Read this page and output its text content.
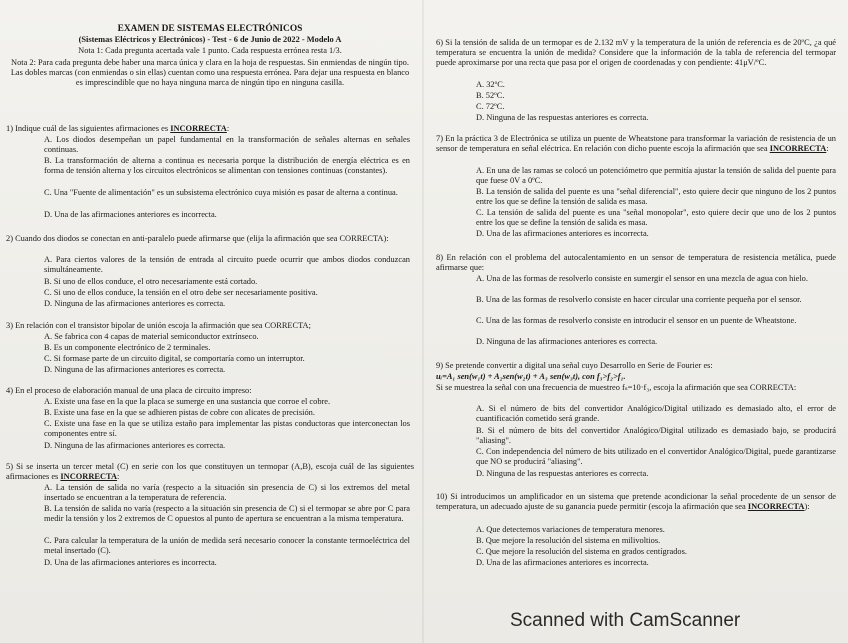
EXAMEN DE SISTEMAS ELECTRÓNICOS
(Sistemas Eléctricos y Electrónicos) - Test - 6 de Junio de 2022 - Modelo A
Nota 1: Cada pregunta acertada vale 1 punto. Cada respuesta errónea resta 1/3.
Nota 2: Para cada pregunta debe haber una marca única y clara en la hoja de respuestas. Sin enmiendas de ningún tipo. Las dobles marcas (con enmiendas o sin ellas) cuentan como una respuesta errónea. Para dejar una respuesta en blanco es imprescindible que no haya ninguna marca de ningún tipo en ninguna casilla.
1) Indique cuál de las siguientes afirmaciones es INCORRECTA:
A. Los diodos desempeñan un papel fundamental en la transformación de señales alternas en señales continuas.
B. La transformación de alterna a continua es necesaria porque la distribución de energía eléctrica es en forma de tensión alterna y los circuitos electrónicos se alimentan con tensiones continuas (constantes).
C. Una "Fuente de alimentación" es un subsistema electrónico cuya misión es pasar de alterna a continua.
D. Una de las afirmaciones anteriores es incorrecta.
2) Cuando dos diodos se conectan en anti-paralelo puede afirmarse que (elija la afirmación que sea CORRECTA):
A. Para ciertos valores de la tensión de entrada al circuito puede ocurrir que ambos diodos conduzcan simultáneamente.
B. Si uno de ellos conduce, el otro necesariamente está cortado.
C. Si uno de ellos conduce, la tensión en el otro debe ser necesariamente positiva.
D. Ninguna de las afirmaciones anteriores es correcta.
3) En relación con el transistor bipolar de unión escoja la afirmación que sea CORRECTA;
A. Se fabrica con 4 capas de material semiconductor extrínseco.
B. Es un componente electrónico de 2 terminales.
C. Si formase parte de un circuito digital, se comportaría como un interruptor.
D. Ninguna de las afirmaciones anteriores es correcta.
4) En el proceso de elaboración manual de una placa de circuito impreso:
A. Existe una fase en la que la placa se sumerge en una sustancia que corroe el cobre.
B. Existe una fase en la que se adhieren pistas de cobre con alicates de precisión.
C. Existe una fase en la que se utiliza estaño para implementar las pistas conductoras que interconectan los componentes entre sí.
D. Ninguna de las afirmaciones anteriores es correcta.
5) Si se inserta un tercer metal (C) en serie con los que constituyen un termopar (A,B), escoja cuál de las siguientes afirmaciones es INCORRECTA:
A. La tensión de salida no varía (respecto a la situación sin presencia de C) si los extremos del metal insertado se encuentran a la temperatura de referencia.
B. La tensión de salida no varía (respecto a la situación sin presencia de C) si el termopar se abre por C para medir la tensión y los 2 extremos de C opuestos al punto de apertura se encuentran a la misma temperatura.
C. Para calcular la temperatura de la unión de medida será necesario conocer la constante termoeléctrica del metal insertado (C).
D. Una de las afirmaciones anteriores es incorrecta.
6) Si la tensión de salida de un termopar es de 2.132 mV y la temperatura de la unión de referencia es de 20ºC, ¿a qué temperatura se encuentra la unión de medida? Considere que la información de la tabla de referencia del termopar puede aproximarse por una recta que pasa por el origen de coordenadas y con pendiente: 41μV/ºC.
A. 32ºC.
B. 52ºC.
C. 72ºC.
D. Ninguna de las respuestas anteriores es correcta.
7) En la práctica 3 de Electrónica se utiliza un puente de Wheatstone para transformar la variación de resistencia de un sensor de temperatura en señal eléctrica. En relación con dicho puente escoja la afirmación que sea INCORRECTA:
A. En una de las ramas se colocó un potenciómetro que permitía ajustar la tensión de salida del puente para que fuese 0V a 0ºC.
B. La tensión de salida del puente es una "señal diferencial", esto quiere decir que ninguno de los 2 puntos entre los que se define la tensión de salida es masa.
C. La tensión de salida del puente es una "señal monopolar", esto quiere decir que uno de los 2 puntos entre los que se define la tensión de salida es masa.
D. Una de las afirmaciones anteriores es incorrecta.
8) En relación con el problema del autocalentamiento en un sensor de temperatura de resistencia metálica, puede afirmarse que:
A. Una de las formas de resolverlo consiste en sumergir el sensor en una mezcla de agua con hielo.
B. Una de las formas de resolverlo consiste en hacer circular una corriente pequeña por el sensor.
C. Una de las formas de resolverlo consiste en introducir el sensor en un puente de Wheatstone.
D. Ninguna de las afirmaciones anteriores es correcta.
9) Se pretende convertir a digital una señal cuyo Desarrollo en Serie de Fourier es:
uᵢ=A₁ sen(w₁t) + A₂sen(w₂t) + A₃ sen(w₃t), con f₃>f₂>f₁.
Si se muestrea la señal con una frecuencia de muestreo fₛ=10·f₃, escoja la afirmación que sea CORRECTA:
A. Si el número de bits del convertidor Analógico/Digital utilizado es demasiado alto, el error de cuantificación cometido será grande.
B. Si el número de bits del convertidor Analógico/Digital utilizado es demasiado bajo, se producirá "aliasing".
C. Con independencia del número de bits utilizado en el convertidor Analógico/Digital, puede garantizarse que NO se producirá "aliasing".
D. Ninguna de las respuestas anteriores es correcta.
10) Si introducimos un amplificador en un sistema que pretende acondicionar la señal procedente de un sensor de temperatura, un adecuado ajuste de su ganancia puede permitir (escoja la afirmación que sea INCORRECTA):
A. Que detectemos variaciones de temperatura menores.
B. Que mejore la resolución del sistema en milivoltios.
C. Que mejore la resolución del sistema en grados centígrados.
D. Una de las afirmaciones anteriores es incorrecta.
Scanned with CamScanner
